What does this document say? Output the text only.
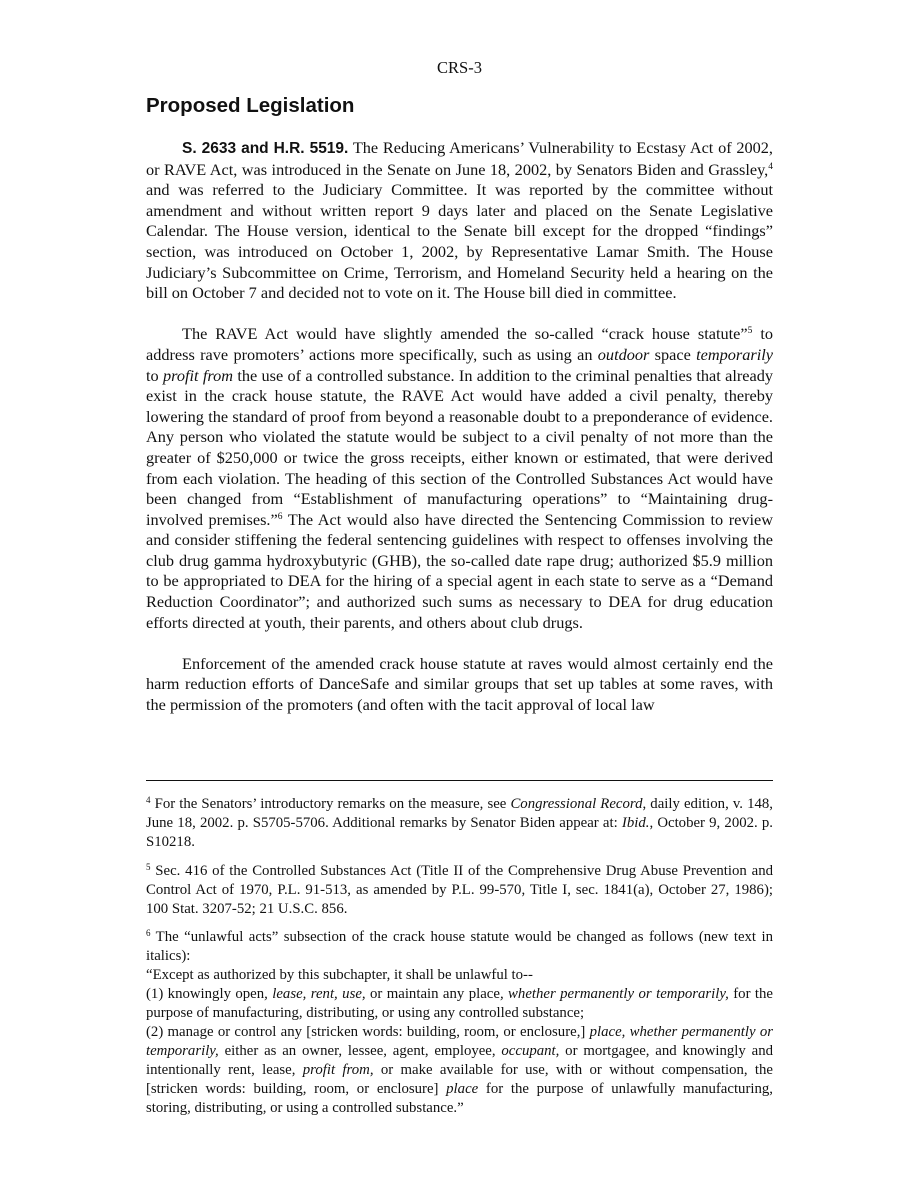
CRS-3
Proposed Legislation

S. 2633 and H.R. 5519. The Reducing Americans’ Vulnerability to Ecstasy Act of 2002, or RAVE Act, was introduced in the Senate on June 18, 2002, by Senators Biden and Grassley,$^4$ and was referred to the Judiciary Committee. It was reported by the committee without amendment and without written report 9 days later and placed on the Senate Legislative Calendar. The House version, identical to the Senate bill except for the dropped “findings” section, was introduced on October 1, 2002, by Representative Lamar Smith. The House Judiciary’s Subcommittee on Crime, Terrorism, and Homeland Security held a hearing on the bill on October 7 and decided not to vote on it. The House bill died in committee.

The RAVE Act would have slightly amended the so-called “crack house statute”$^5$ to address rave promoters’ actions more specifically, such as using an outdoor space temporarily to profit from the use of a controlled substance. In addition to the criminal penalties that already exist in the crack house statute, the RAVE Act would have added a civil penalty, thereby lowering the standard of proof from beyond a reasonable doubt to a preponderance of evidence. Any person who violated the statute would be subject to a civil penalty of not more than the greater of $250,000 or twice the gross receipts, either known or estimated, that were derived from each violation. The heading of this section of the Controlled Substances Act would have been changed from “Establishment of manufacturing operations” to “Maintaining drug-involved premises.”$^6$ The Act would also have directed the Sentencing Commission to review and consider stiffening the federal sentencing guidelines with respect to offenses involving the club drug gamma hydroxybutyric (GHB), the so-called date rape drug; authorized $5.9 million to be appropriated to DEA for the hiring of a special agent in each state to serve as a “Demand Reduction Coordinator”; and authorized such sums as necessary to DEA for drug education efforts directed at youth, their parents, and others about club drugs.

Enforcement of the amended crack house statute at raves would almost certainly end the harm reduction efforts of DanceSafe and similar groups that set up tables at some raves, with the permission of the promoters (and often with the tacit approval of local law

$^4$ For the Senators’ introductory remarks on the measure, see Congressional Record, daily edition, v. 148, June 18, 2002. p. S5705-5706. Additional remarks by Senator Biden appear at: Ibid., October 9, 2002. p. S10218.
$^5$ Sec. 416 of the Controlled Substances Act (Title II of the Comprehensive Drug Abuse Prevention and Control Act of 1970, P.L. 91-513, as amended by P.L. 99-570, Title I, sec. 1841(a), October 27, 1986); 100 Stat. 3207-52; 21 U.S.C. 856.
$^6$ The “unlawful acts” subsection of the crack house statute would be changed as follows (new text in italics):
“Except as authorized by this subchapter, it shall be unlawful to--
(1) knowingly open, lease, rent, use, or maintain any place, whether permanently or temporarily, for the purpose of manufacturing, distributing, or using any controlled substance;
(2) manage or control any [stricken words: building, room, or enclosure,] place, whether permanently or temporarily, either as an owner, lessee, agent, employee, occupant, or mortgagee, and knowingly and intentionally rent, lease, profit from, or make available for use, with or without compensation, the [stricken words: building, room, or enclosure] place for the purpose of unlawfully manufacturing, storing, distributing, or using a controlled substance.”
